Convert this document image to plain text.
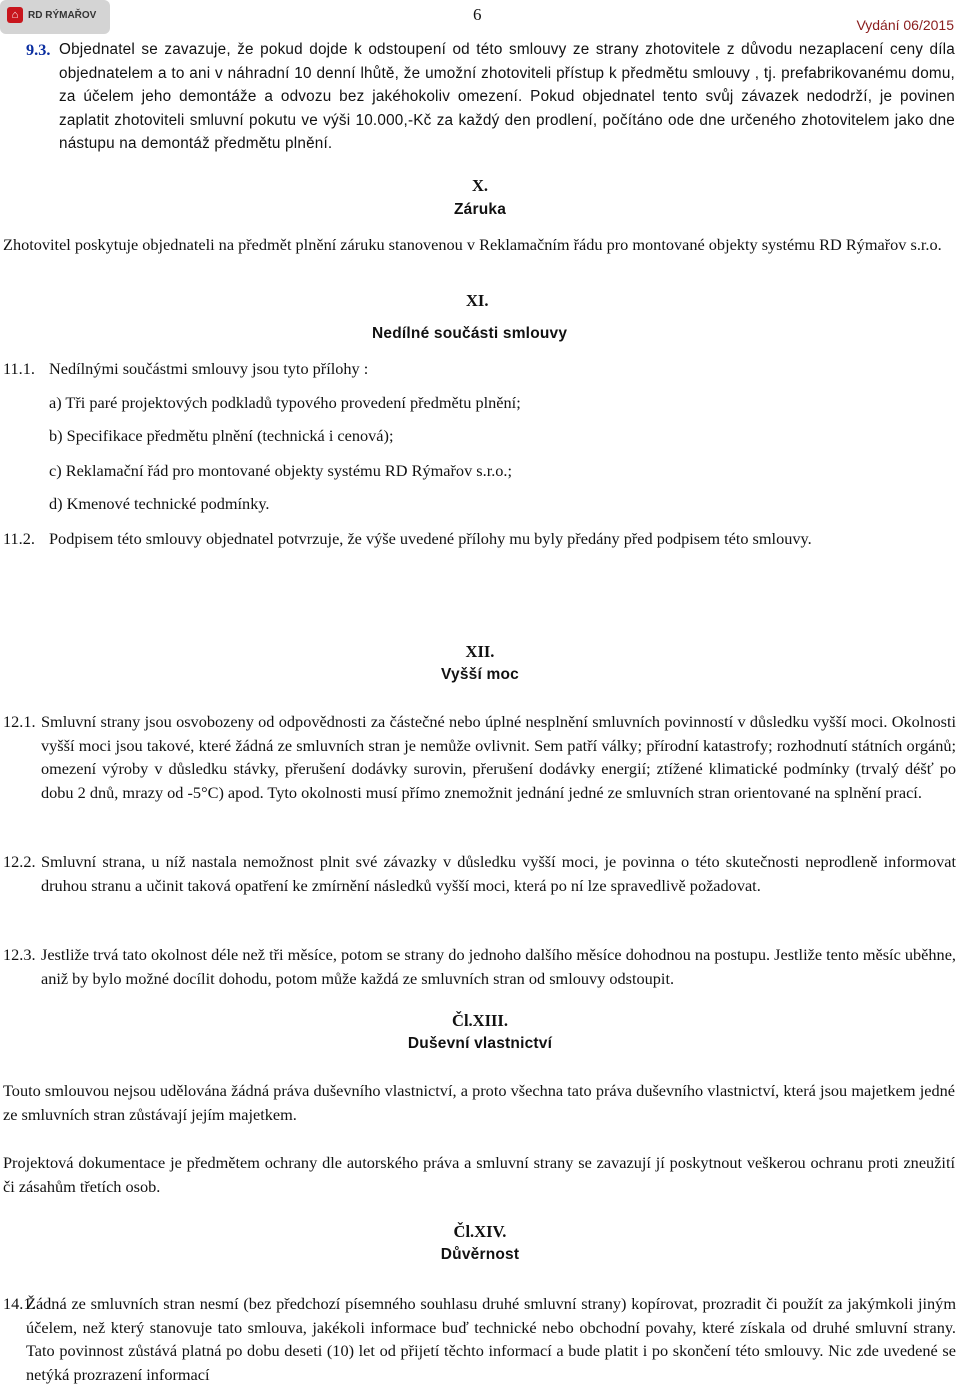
⌂ RD RÝMAŘOV	6
Vydání 06/2015
9.3. Objednatel se zavazuje, že pokud dojde k odstoupení od této smlouvy ze strany zhotovitele z důvodu nezaplacení ceny díla objednatelem a to ani v náhradní 10 denní lhůtě, že umožní zhotoviteli přístup k předmětu smlouvy , tj. prefabrikovanému domu, za účelem jeho demontáže a odvozu bez jakéhokoliv omezení. Pokud objednatel tento svůj závazek nedodrží, je povinen zaplatit zhotoviteli smluvní pokutu ve výši 10.000,-Kč za každý den prodlení, počítáno ode dne určeného zhotovitelem jako dne nástupu na demontáž předmětu plnění.
X.
Záruka
Zhotovitel poskytuje objednateli na předmět plnění záruku stanovenou v Reklamačním řádu pro montované objekty systému RD Rýmařov s.r.o.
XI.
Nedílné součásti smlouvy
11.1. Nedílnými součástmi smlouvy jsou tyto přílohy :
a) Tři paré projektových podkladů typového provedení předmětu plnění;
b) Specifikace předmětu plnění (technická i cenová);
c) Reklamační řád pro montované objekty systému RD Rýmařov s.r.o.;
d) Kmenové technické podmínky.
11.2. Podpisem této smlouvy objednatel potvrzuje, že výše uvedené přílohy mu byly předány před podpisem této smlouvy.
XII.
Vyšší moc
12.1. Smluvní strany jsou osvobozeny od odpovědnosti za částečné nebo úplné nesplnění smluvních povinností v důsledku vyšší moci. Okolnosti vyšší moci jsou takové, které žádná ze smluvních stran je nemůže ovlivnit. Sem patří války; přírodní katastrofy; rozhodnutí státních orgánů; omezení výroby v důsledku stávky, přerušení dodávky surovin, přerušení dodávky energií; ztížené klimatické podmínky (trvalý déšť po dobu 2 dnů, mrazy od -5°C) apod. Tyto okolnosti musí přímo znemožnit jednání jedné ze smluvních stran orientované na splnění prací.
12.2. Smluvní strana, u níž nastala nemožnost plnit své závazky v důsledku vyšší moci, je povinna o této skutečnosti neprodleně informovat druhou stranu a učinit taková opatření ke zmírnění následků vyšší moci, která po ní lze spravedlivě požadovat.
12.3. Jestliže trvá tato okolnost déle než tři měsíce, potom se strany do jednoho dalšího měsíce dohodnou na postupu. Jestliže tento měsíc uběhne, aniž by bylo možné docílit dohodu, potom může každá ze smluvních stran od smlouvy odstoupit.
Čl.XIII.
Duševní vlastnictví
Touto smlouvou nejsou udělována žádná práva duševního vlastnictví, a proto všechna tato práva duševního vlastnictví, která jsou majetkem jedné ze smluvních stran zůstávají jejím majetkem.
Projektová dokumentace je předmětem ochrany dle autorského práva a smluvní strany se zavazují jí poskytnout veškerou ochranu proti zneužití či zásahům třetích osob.
Čl.XIV.
Důvěrnost
14.1.
Žádná ze smluvních stran nesmí (bez předchozí písemného souhlasu druhé smluvní strany) kopírovat, prozradit či použít za jakýmkoli jiným účelem, než který stanovuje tato smlouva, jakékoli informace buď technické nebo obchodní povahy, které získala od druhé smluvní strany. Tato povinnost zůstává platná po dobu deseti (10) let od přijetí těchto informací a bude platit i po skončení této smlouvy. Nic zde uvedené se netýká prozrazení informací
